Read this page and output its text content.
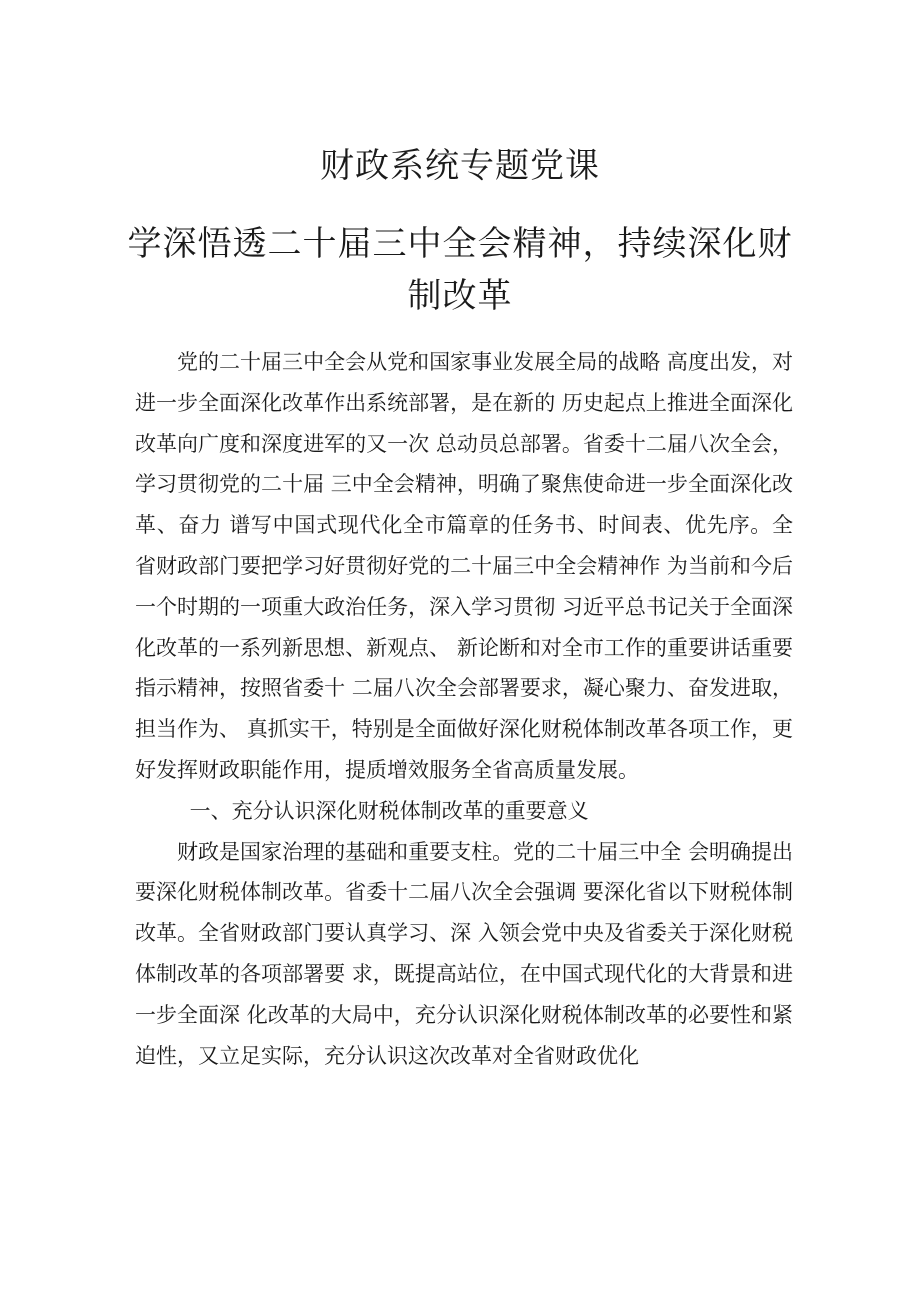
财政系统专题党课
学深悟透二十届三中全会精神，持续深化财制改革

党的二十届三中全会从党和国家事业发展全局的战略 高度出发，对进一步全面深化改革作出系统部署，是在新的 历史起点上推进全面深化改革向广度和深度进军的又一次 总动员总部署。省委十二届八次全会，学习贯彻党的二十届 三中全会精神，明确了聚焦使命进一步全面深化改革、奋力 谱写中国式现代化全市篇章的任务书、时间表、优先序。全 省财政部门要把学习好贯彻好党的二十届三中全会精神作 为当前和今后一个时期的一项重大政治任务，深入学习贯彻 习近平总书记关于全面深化改革的一系列新思想、新观点、 新论断和对全市工作的重要讲话重要指示精神，按照省委十 二届八次全会部署要求，凝心聚力、奋发进取，担当作为、 真抓实干，特别是全面做好深化财税体制改革各项工作，更 好发挥财政职能作用，提质增效服务全省高质量发展。

一、充分认识深化财税体制改革的重要意义

财政是国家治理的基础和重要支柱。党的二十届三中全 会明确提出要深化财税体制改革。省委十二届八次全会强调 要深化省以下财税体制改革。全省财政部门要认真学习、深 入领会党中央及省委关于深化财税体制改革的各项部署要 求，既提高站位，在中国式现代化的大背景和进一步全面深 化改革的大局中，充分认识深化财税体制改革的必要性和紧 迫性，又立足实际，充分认识这次改革对全省财政优化
